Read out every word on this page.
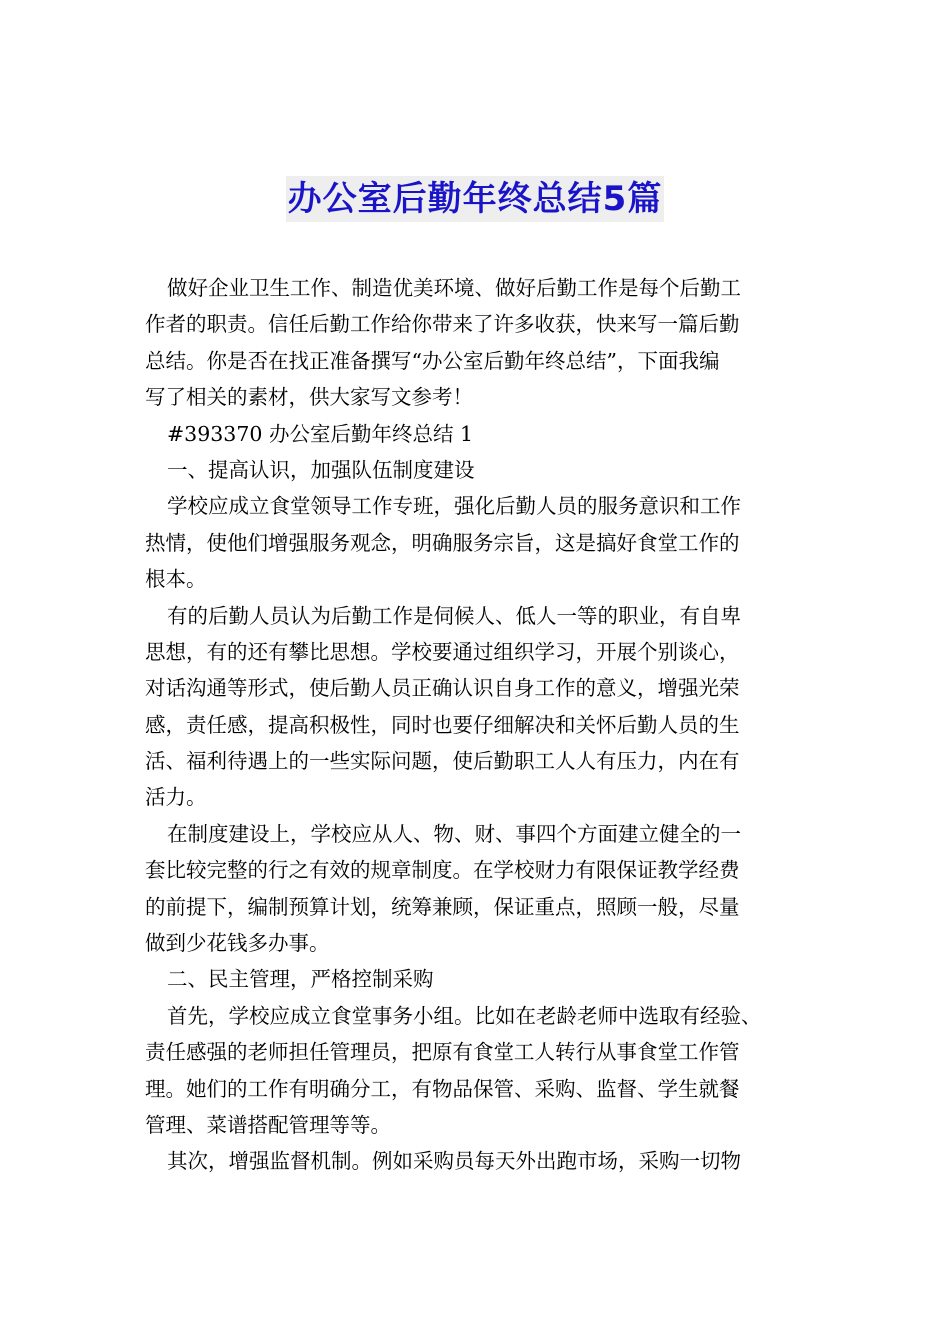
办公室后勤年终总结5篇
做好企业卫生工作、制造优美环境、做好后勤工作是每个后勤工
作者的职责。信任后勤工作给你带来了许多收获，快来写一篇后勤
总结。你是否在找正准备撰写“办公室后勤年终总结”，下面我编
写了相关的素材，供大家写文参考！
#393370 办公室后勤年终总结 1
一、提高认识，加强队伍制度建设
学校应成立食堂领导工作专班，强化后勤人员的服务意识和工作
热情，使他们增强服务观念，明确服务宗旨，这是搞好食堂工作的
根本。
有的后勤人员认为后勤工作是伺候人、低人一等的职业，有自卑
思想，有的还有攀比思想。学校要通过组织学习，开展个别谈心，
对话沟通等形式，使后勤人员正确认识自身工作的意义，增强光荣
感，责任感，提高积极性，同时也要仔细解决和关怀后勤人员的生
活、福利待遇上的一些实际问题，使后勤职工人人有压力，内在有
活力。
在制度建设上，学校应从人、物、财、事四个方面建立健全的一
套比较完整的行之有效的规章制度。在学校财力有限保证教学经费
的前提下，编制预算计划，统筹兼顾，保证重点，照顾一般，尽量
做到少花钱多办事。
二、民主管理，严格控制采购
首先，学校应成立食堂事务小组。比如在老龄老师中选取有经验、
责任感强的老师担任管理员，把原有食堂工人转行从事食堂工作管
理。她们的工作有明确分工，有物品保管、采购、监督、学生就餐
管理、菜谱搭配管理等等。
其次，增强监督机制。例如采购员每天外出跑市场，采购一切物
